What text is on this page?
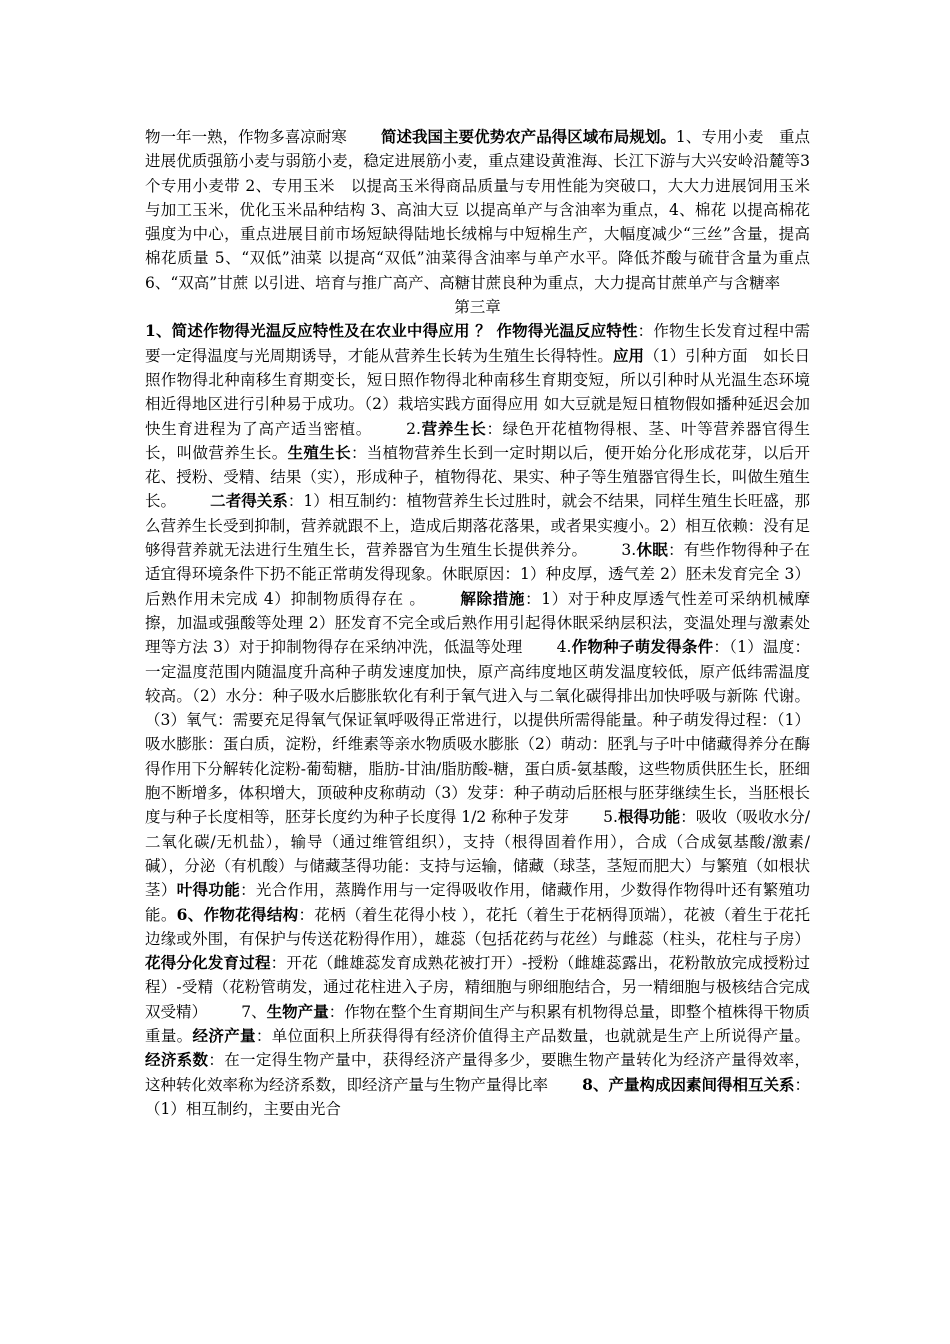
物一年一熟，作物多喜凉耐寒 简述我国主要优势农产品得区域布局规划。1、专用小麦　重点进展优质强筋小麦与弱筋小麦，稳定进展筋小麦，重点建设黄淮海、长江下游与大兴安岭沿麓等3个专用小麦带 2、专用玉米　以提高玉米得商品质量与专用性能为突破口，大大力进展饲用玉米与加工玉米，优化玉米品种结构 3、高油大豆 以提高单产与含油率为重点，4、棉花 以提高棉花强度为中心，重点进展目前市场短缺得陆地长绒棉与中短棉生产，大幅度减少“三丝”含量，提高棉花质量 5、“双低”油菜 以提高“双低”油菜得含油率与单产水平。降低芥酸与硫苷含量为重点 6、“双高”甘蔗 以引进、培育与推广高产、高糖甘蔗良种为重点，大力提高甘蔗单产与含糖率

第三章

1、简述作物得光温反应特性及在农业中得应用 ？ 作物得光温反应特性：作物生长发育过程中需要一定得温度与光周期诱导，才能从营养生长转为生殖生长得特性。应用（1）引种方面　如长日照作物得北种南移生育期变长，短日照作物得北种南移生育期变短，所以引种时从光温生态环境相近得地区进行引种易于成功。（2）栽培实践方面得应用 如大豆就是短日植物假如播种延迟会加快生育进程为了高产适当密植。 2.营养生长：绿色开花植物得根、茎、叶等营养器官得生长，叫做营养生长。生殖生长：当植物营养生长到一定时期以后，便开始分化形成花芽，以后开花、授粉、受精、结果（实），形成种子，植物得花、果实、种子等生殖器官得生长，叫做生殖生长。 二者得关系：1）相互制约：植物营养生长过胜时，就会不结果，同样生殖生长旺盛，那么营养生长受到抑制，营养就跟不上，造成后期落花落果，或者果实瘦小。2）相互依赖：没有足够得营养就无法进行生殖生长，营养器官为生殖生长提供养分。 3.休眠：有些作物得种子在适宜得环境条件下扔不能正常萌发得现象。休眠原因：1）种皮厚，透气差 2）胚未发育完全 3）后熟作用未完成 4）抑制物质得存在 。 解除措施：1）对于种皮厚透气性差可采纳机械摩擦，加温或强酸等处理 2）胚发育不完全或后熟作用引起得休眠采纳层积法，变温处理与激素处理等方法 3）对于抑制物得存在采纳冲洗，低温等处理 4.作物种子萌发得条件：（1）温度：一定温度范围内随温度升高种子萌发速度加快，原产高纬度地区萌发温度较低，原产低纬需温度较高。（2）水分：种子吸水后膨胀软化有利于氧气进入与二氧化碳得排出加快呼吸与新陈 代谢。（3）氧气：需要充足得氧气保证氧呼吸得正常进行，以提供所需得能量。种子萌发得过程：（1）吸水膨胀：蛋白质，淀粉，纤维素等亲水物质吸水膨胀（2）萌动：胚乳与子叶中储藏得养分在酶得作用下分解转化淀粉-葡萄糖，脂肪-甘油/脂肪酸-糖，蛋白质-氨基酸，这些物质供胚生长，胚细胞不断增多，体积增大，顶破种皮称萌动（3）发芽：种子萌动后胚根与胚芽继续生长，当胚根长度与种子长度相等，胚芽长度约为种子长度得 1/2 称种子发芽 5.根得功能：吸收（吸收水分/二氧化碳/无机盐），输导（通过维管组织），支持（根得固着作用），合成（合成氨基酸/激素/碱），分泌（有机酸）与储藏茎得功能：支持与运输，储藏（球茎，茎短而肥大）与繁殖（如根状茎）叶得功能：光合作用，蒸腾作用与一定得吸收作用，储藏作用，少数得作物得叶还有繁殖功能。6、作物花得结构：花柄（着生花得小枝 ），花托（着生于花柄得顶端），花被（着生于花托边缘或外围，有保护与传送花粉得作用），雄蕊（包括花药与花丝）与雌蕊（柱头，花柱与子房）花得分化发育过程：开花（雌雄蕊发育成熟花被打开）-授粉（雌雄蕊露出，花粉散放完成授粉过程）-受精（花粉管萌发，通过花柱进入子房，精细胞与卵细胞结合，另一精细胞与极核结合完成双受精） 7、生物产量：作物在整个生育期间生产与积累有机物得总量，即整个植株得干物质重量。经济产量：单位面积上所获得得有经济价值得主产品数量，也就就是生产上所说得产量。经济系数：在一定得生物产量中，获得经济产量得多少，要瞧生物产量转化为经济产量得效率，这种转化效率称为经济系数，即经济产量与生物产量得比率 8、产量构成因素间得相互关系：（1）相互制约，主要由光合
